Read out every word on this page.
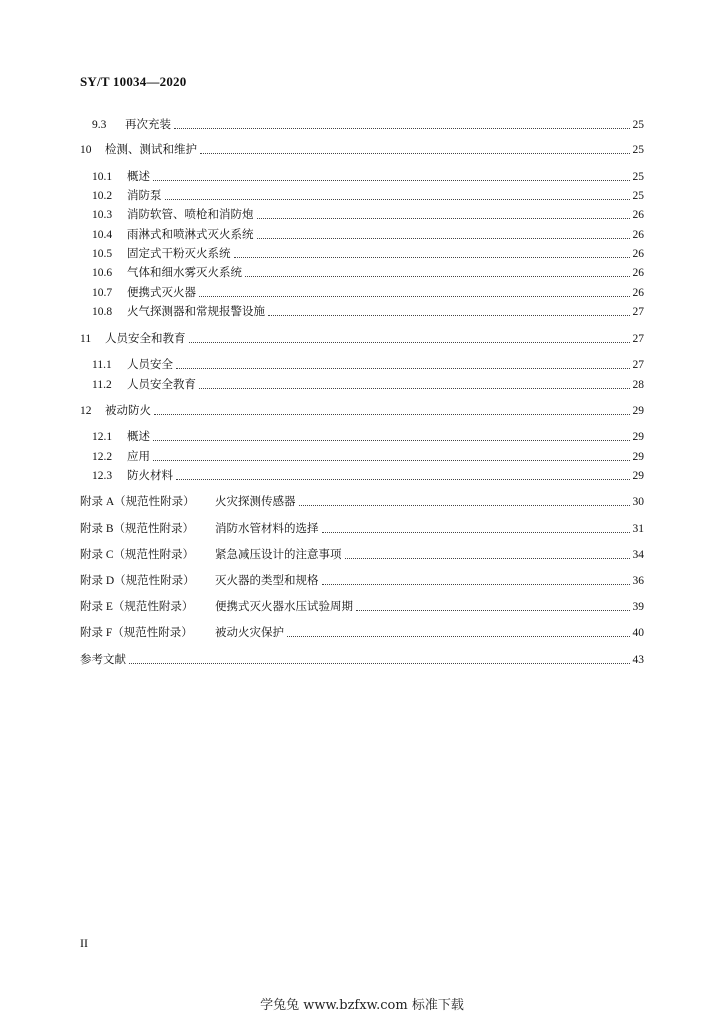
SY/T 10034—2020
9.3	再次充装	25
10	检测、测试和维护	25
10.1	概述	25
10.2	消防泵	25
10.3	消防软管、喷枪和消防炮	26
10.4	雨淋式和喷淋式灭火系统	26
10.5	固定式干粉灭火系统	26
10.6	气体和细水雾灭火系统	26
10.7	便携式灭火器	26
10.8	火气探测器和常规报警设施	27
11	人员安全和教育	27
11.1	人员安全	27
11.2	人员安全教育	28
12	被动防火	29
12.1	概述	29
12.2	应用	29
12.3	防火材料	29
附录 A（规范性附录）	火灾探测传感器	30
附录 B（规范性附录）	消防水管材料的选择	31
附录 C（规范性附录）	紧急减压设计的注意事项	34
附录 D（规范性附录）	灭火器的类型和规格	36
附录 E（规范性附录）	便携式灭火器水压试验周期	39
附录 F（规范性附录）	被动火灾保护	40
参考文献	43
II
学兔兔 www.bzfxw.com 标准下载
